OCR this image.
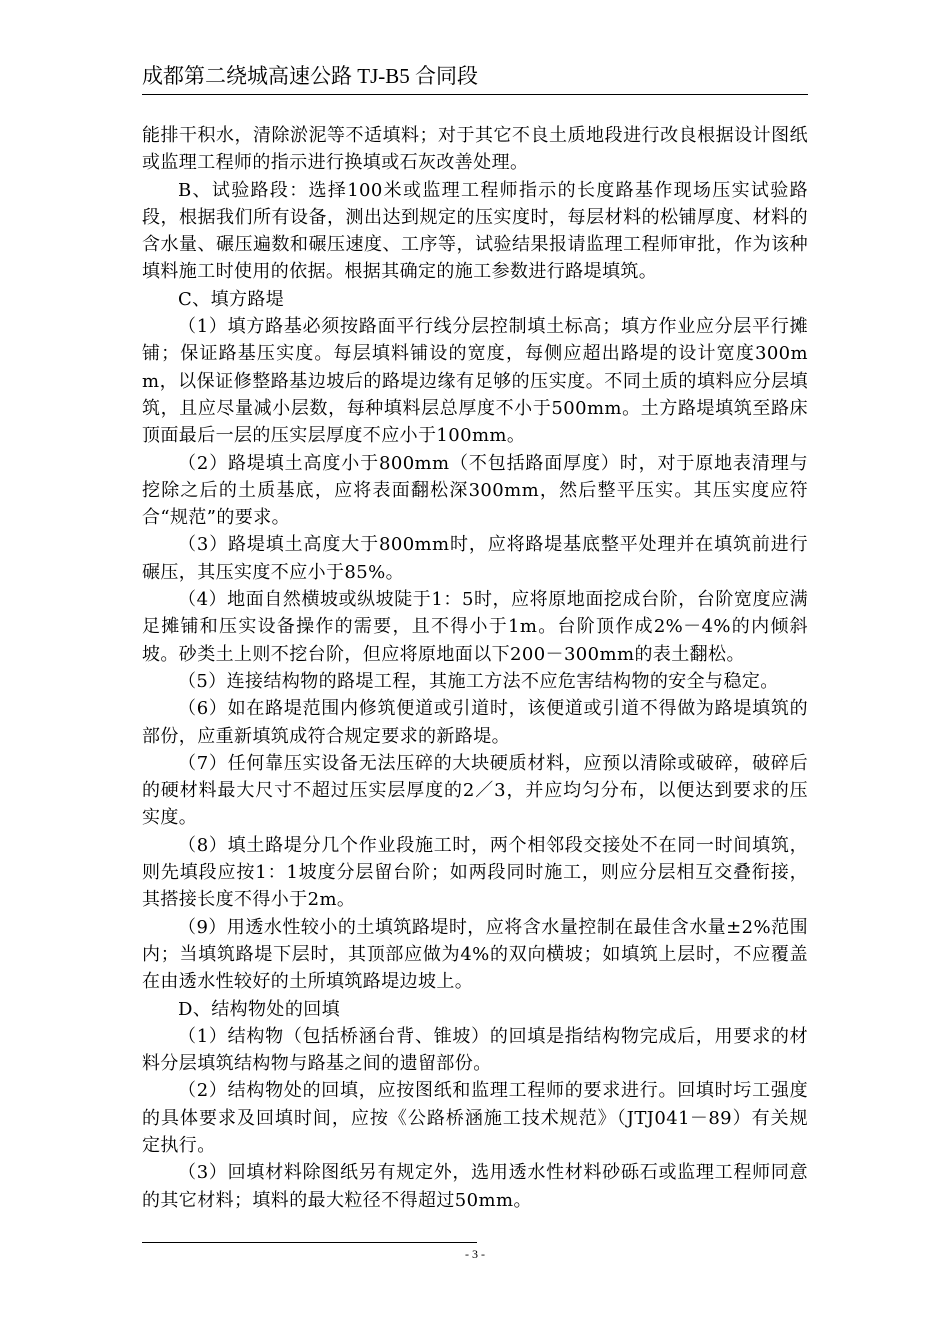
成都第二绕城高速公路 TJ-B5 合同段

能排干积水，清除淤泥等不适填料；对于其它不良土质地段进行改良根据设计图纸或监理工程师的指示进行换填或石灰改善处理。

B、试验路段：选择100米或监理工程师指示的长度路基作现场压实试验路段，根据我们所有设备，测出达到规定的压实度时，每层材料的松铺厚度、材料的含水量、碾压遍数和碾压速度、工序等，试验结果报请监理工程师审批，作为该种填料施工时使用的依据。根据其确定的施工参数进行路堤填筑。

C、填方路堤

（1）填方路基必须按路面平行线分层控制填土标高；填方作业应分层平行摊铺；保证路基压实度。每层填料铺设的宽度，每侧应超出路堤的设计宽度300mm，以保证修整路基边坡后的路堤边缘有足够的压实度。不同土质的填料应分层填筑，且应尽量减小层数，每种填料层总厚度不小于500mm。土方路堤填筑至路床顶面最后一层的压实层厚度不应小于100mm。

（2）路堤填土高度小于800mm（不包括路面厚度）时，对于原地表清理与挖除之后的土质基底，应将表面翻松深300mm，然后整平压实。其压实度应符合“规范”的要求。

（3）路堤填土高度大于800mm时，应将路堤基底整平处理并在填筑前进行碾压，其压实度不应小于85%。

（4）地面自然横坡或纵坡陡于1：5时，应将原地面挖成台阶，台阶宽度应满足摊铺和压实设备操作的需要，且不得小于1m。台阶顶作成2%－4%的内倾斜坡。砂类土上则不挖台阶，但应将原地面以下200－300mm的表土翻松。

（5）连接结构物的路堤工程，其施工方法不应危害结构物的安全与稳定。

（6）如在路堤范围内修筑便道或引道时，该便道或引道不得做为路堤填筑的部份，应重新填筑成符合规定要求的新路堤。

（7）任何靠压实设备无法压碎的大块硬质材料，应预以清除或破碎，破碎后的硬材料最大尺寸不超过压实层厚度的2／3，并应均匀分布，以便达到要求的压实度。

（8）填土路堤分几个作业段施工时，两个相邻段交接处不在同一时间填筑，则先填段应按1：1坡度分层留台阶；如两段同时施工，则应分层相互交叠衔接，其搭接长度不得小于2m。

（9）用透水性较小的土填筑路堤时，应将含水量控制在最佳含水量±2%范围内；当填筑路堤下层时，其顶部应做为4%的双向横坡；如填筑上层时，不应覆盖在由透水性较好的土所填筑路堤边坡上。

D、结构物处的回填

（1）结构物（包括桥涵台背、锥坡）的回填是指结构物完成后，用要求的材料分层填筑结构物与路基之间的遗留部份。

（2）结构物处的回填，应按图纸和监理工程师的要求进行。回填时圬工强度的具体要求及回填时间，应按《公路桥涵施工技术规范》（JTJ041－89）有关规定执行。

（3）回填材料除图纸另有规定外，选用透水性材料砂砾石或监理工程师同意的其它材料；填料的最大粒径不得超过50mm。

- 3 -
